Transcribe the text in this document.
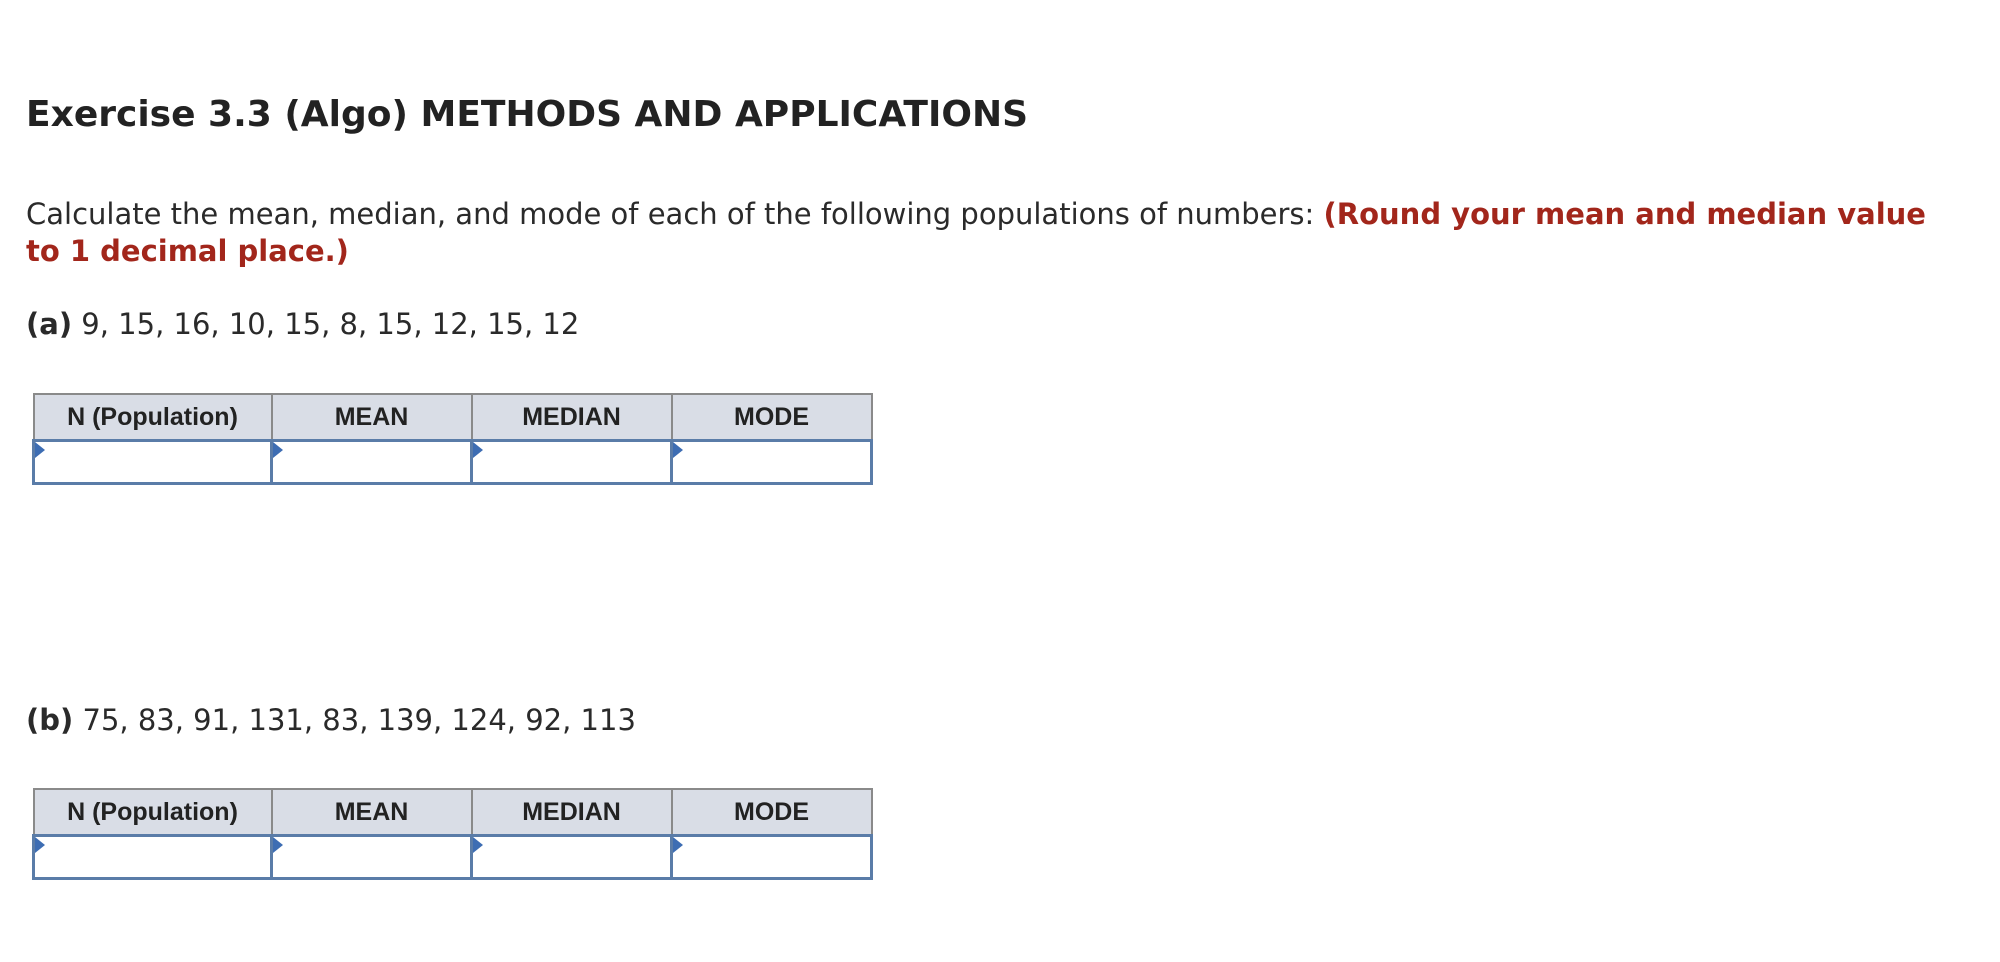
Exercise 3.3 (Algo) METHODS AND APPLICATIONS

Calculate the mean, median, and mode of each of the following populations of numbers: (Round your mean and median value to 1 decimal place.)

(a) 9, 15, 16, 10, 15, 8, 15, 12, 15, 12

N (Population)	MEAN	MEDIAN	MODE

(b) 75, 83, 91, 131, 83, 139, 124, 92, 113

N (Population)	MEAN	MEDIAN	MODE
